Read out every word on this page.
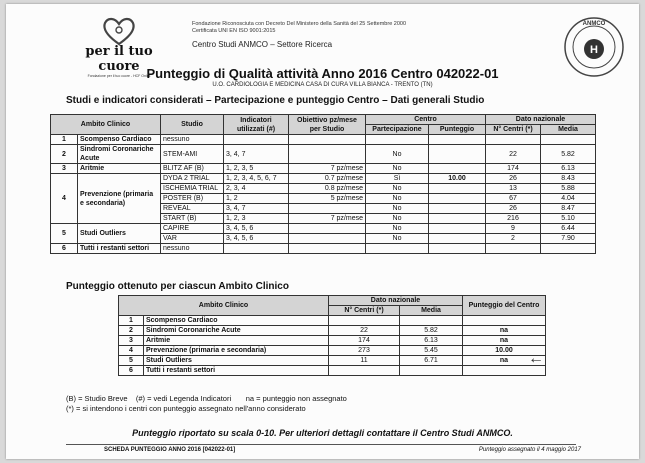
per il tuo cuore
Fondazione per il tuo cuore - HCF Onlus
Fondazione Riconosciuta con Decreto Del Ministero della Sanità del 25 Settembre 2000
Certificata UNI EN ISO 9001:2015
Centro Studi ANMCO – Settore Ricerca	H
ANMCO
Punteggio di Qualità attività Anno 2016 Centro 042022-01
U.O. CARDIOLOGIA E MEDICINA CASA DI CURA VILLA BIANCA - TRENTO (TN)
Studi e indicatori considerati – Partecipazione e punteggio Centro – Dati generali Studio
Ambito Clinico		Studio	Indicatori utilizzati (#)	Obiettivo pz/mese per Studio	Centro		Dato nazionale	
					Partecipazione	Punteggio	N° Centri (*)	Media
1	Scompenso Cardiaco	nessuno						
2	Sindromi Coronariche Acute	STEM-AMI	3, 4, 7		No		22	5.82
3	Aritmie	BLITZ AF (B)	1, 2, 3, 5	7 pz/mese	No		174	6.13
4	Prevenzione (primaria e secondaria)	DYDA 2 TRIAL	1, 2, 3, 4, 5, 6, 7	0.7 pz/mese	Sì	10.00	26	8.43
		ISCHEMIA TRIAL	2, 3, 4	0.8 pz/mese	No		13	5.88
		POSTER (B)	1, 2	5 pz/mese	No		67	4.04
		REVEAL	3, 4, 7		No		26	8.47
		START (B)	1, 2, 3	7 pz/mese	No		216	5.10
5	Studi Outliers	CAPIRE	3, 4, 5, 6		No		9	6.44
		VAR	3, 4, 5, 6		No		2	7.90
6	Tutti i restanti settori	nessuno						
Punteggio ottenuto per ciascun Ambito Clinico
Ambito Clinico		Dato nazionale		Punteggio del Centro
		N° Centri (*)	Media	
1	Scompenso Cardiaco			
2	Sindromi Coronariche Acute	22	5.82	na
3	Aritmie	174	6.13	na
4	Prevenzione (primaria e secondaria)	273	5.45	10.00
5	Studi Outliers	11	6.71	na
6	Tutti i restanti settori			
←
(B) = Studio Breve (#) = vedi Legenda Indicatori na = punteggio non assegnato
(*) = si intendono i centri con punteggio assegnato nell'anno considerato
Punteggio riportato su scala 0-10. Per ulteriori dettagli contattare il Centro Studi ANMCO.
SCHEDA PUNTEGGIO ANNO 2016 [042022-01]	Punteggio assegnato il 4 maggio 2017
